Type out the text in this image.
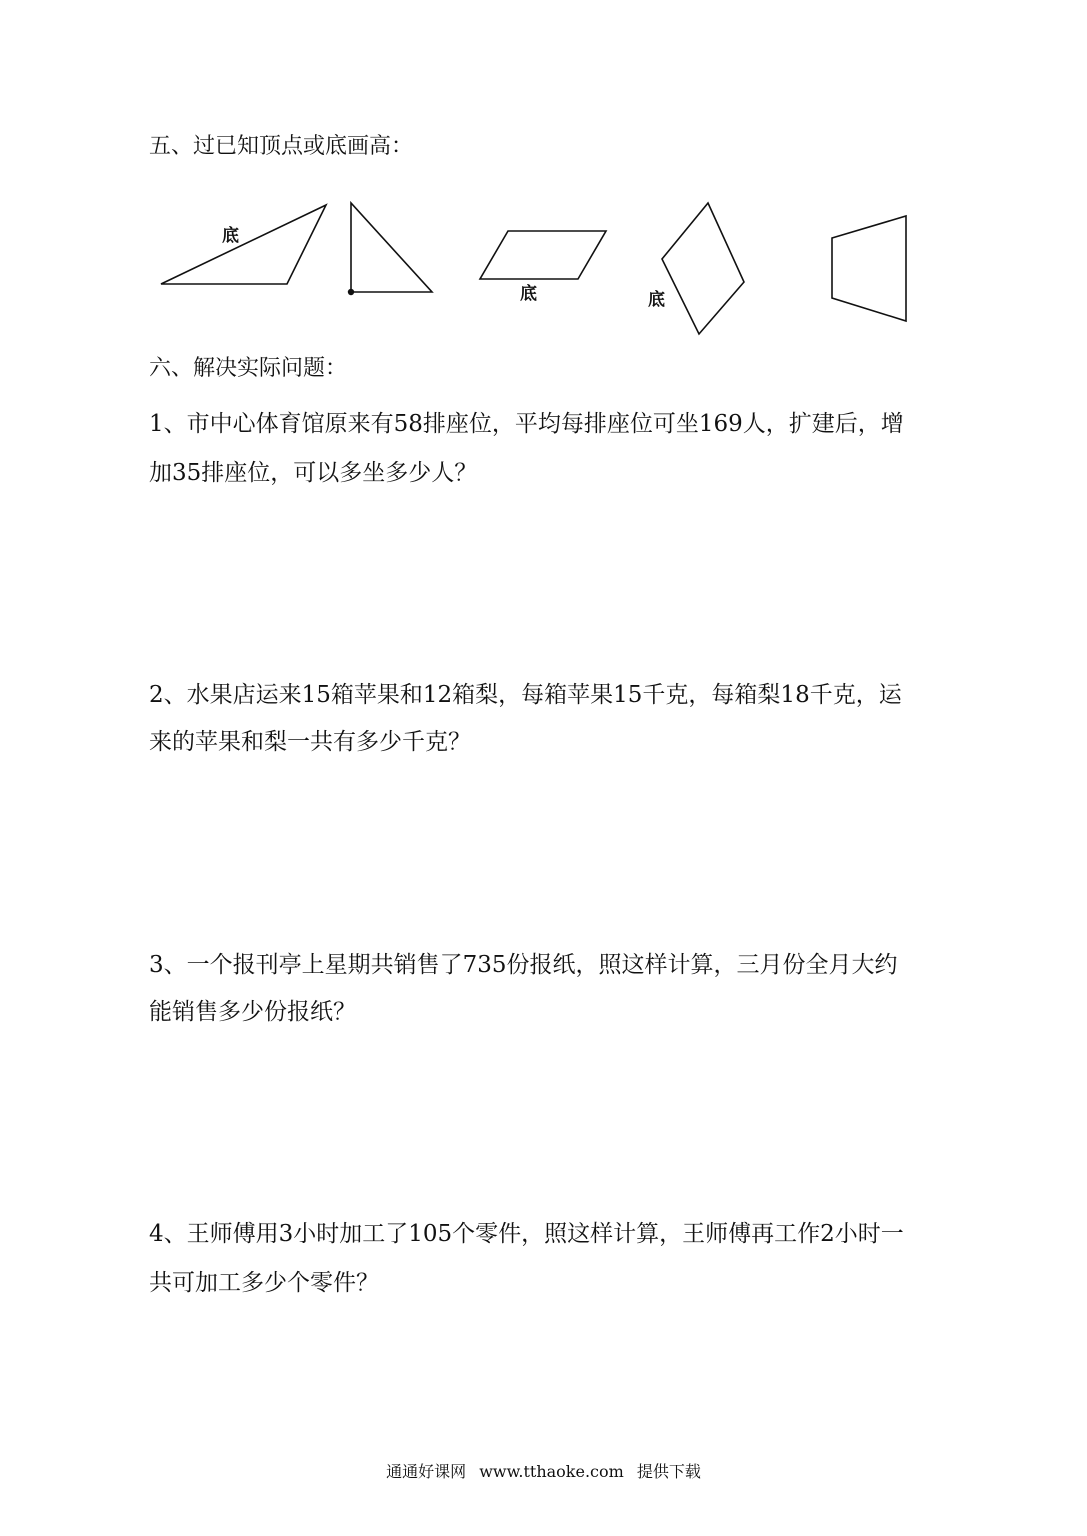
五、过已知顶点或底画高：
底
底	底
六、解决实际问题：
1、市中心体育馆原来有58排座位，平均每排座位可坐169人，扩建后，增
加35排座位，可以多坐多少人？
2、水果店运来15箱苹果和12箱梨，每箱苹果15千克，每箱梨18千克，运
来的苹果和梨一共有多少千克？
3、一个报刊亭上星期共销售了735份报纸，照这样计算，三月份全月大约
能销售多少份报纸？
4、王师傅用3小时加工了105个零件，照这样计算，王师傅再工作2小时一
共可加工多少个零件？
通通好课网 www.tthaoke.com 提供下载
